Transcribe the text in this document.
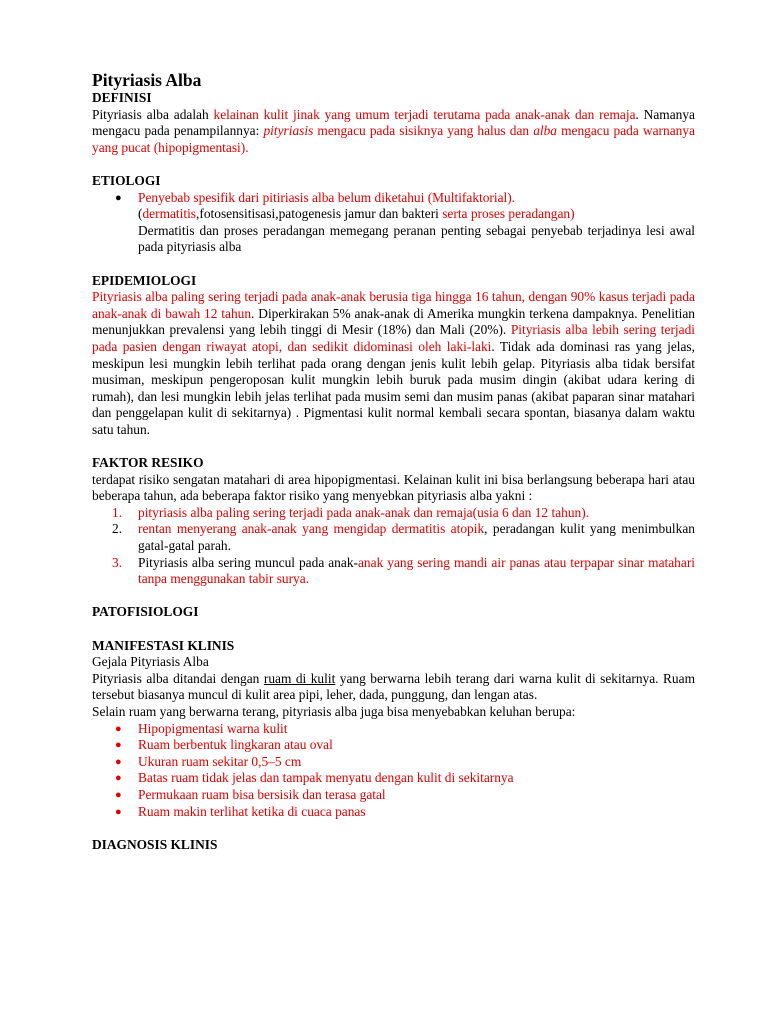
Pityriasis Alba
DEFINISI

Pityriasis alba adalah kelainan kulit jinak yang umum terjadi terutama pada anak-anak dan remaja. Namanya mengacu pada penampilannya: pityriasis mengacu pada sisiknya yang halus dan alba mengacu pada warnanya yang pucat (hipopigmentasi).

ETIOLOGI
● Penyebab spesifik dari pitiriasis alba belum diketahui (Multifaktorial).
(dermatitis,fotosensitisasi,patogenesis jamur dan bakteri serta proses peradangan)
Dermatitis dan proses peradangan memegang peranan penting sebagai penyebab terjadinya lesi awal pada pityriasis alba
EPIDEMIOLOGI

Pityriasis alba paling sering terjadi pada anak-anak berusia tiga hingga 16 tahun, dengan 90% kasus terjadi pada anak-anak di bawah 12 tahun. Diperkirakan 5% anak-anak di Amerika mungkin terkena dampaknya. Penelitian menunjukkan prevalensi yang lebih tinggi di Mesir (18%) dan Mali (20%). Pityriasis alba lebih sering terjadi pada pasien dengan riwayat atopi, dan sedikit didominasi oleh laki-laki. Tidak ada dominasi ras yang jelas, meskipun lesi mungkin lebih terlihat pada orang dengan jenis kulit lebih gelap. Pityriasis alba tidak bersifat musiman, meskipun pengeroposan kulit mungkin lebih buruk pada musim dingin (akibat udara kering di rumah), dan lesi mungkin lebih jelas terlihat pada musim semi dan musim panas (akibat paparan sinar matahari dan penggelapan kulit di sekitarnya) . Pigmentasi kulit normal kembali secara spontan, biasanya dalam waktu satu tahun.

FAKTOR RESIKO

terdapat risiko sengatan matahari di area hipopigmentasi. Kelainan kulit ini bisa berlangsung beberapa hari atau beberapa tahun, ada beberapa faktor risiko yang menyebkan pityriasis alba yakni :

1. pityriasis alba paling sering terjadi pada anak-anak dan remaja(usia 6 dan 12 tahun).
2. rentan menyerang anak-anak yang mengidap dermatitis atopik, peradangan kulit yang menimbulkan gatal-gatal parah.
3. Pityriasis alba sering muncul pada anak-anak yang sering mandi air panas atau terpapar sinar matahari tanpa menggunakan tabir surya.
PATOFISIOLOGI
MANIFESTASI KLINIS
Gejala Pityriasis Alba

Pityriasis alba ditandai dengan ruam di kulit yang berwarna lebih terang dari warna kulit di sekitarnya. Ruam tersebut biasanya muncul di kulit area pipi, leher, dada, punggung, dan lengan atas.

Selain ruam yang berwarna terang, pityriasis alba juga bisa menyebabkan keluhan berupa:

● Hipopigmentasi warna kulit
● Ruam berbentuk lingkaran atau oval
● Ukuran ruam sekitar 0,5–5 cm
● Batas ruam tidak jelas dan tampak menyatu dengan kulit di sekitarnya
● Permukaan ruam bisa bersisik dan terasa gatal
● Ruam makin terlihat ketika di cuaca panas
DIAGNOSIS KLINIS
